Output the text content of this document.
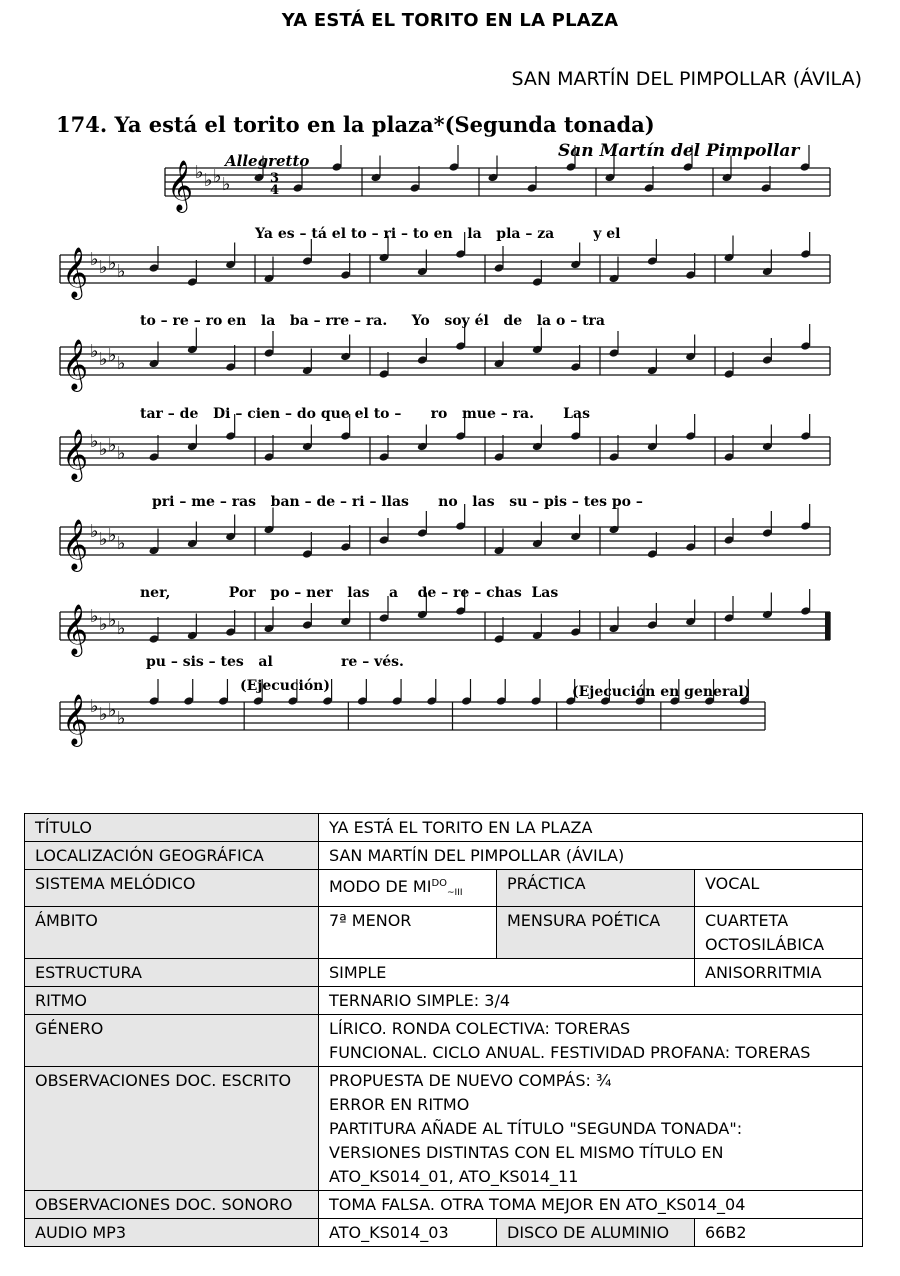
YA ESTÁ EL TORITO EN LA PLAZA
SAN MARTÍN DEL PIMPOLLAR (ÁVILA)
174. Ya está el torito en la plaza*(Segunda tonada)
San Martín del Pimpollar
Allegretto
𝄞 ♭ ♭ ♭ ♭
𝄞 ♭ ♭ ♭ ♭
𝄞 ♭ ♭ ♭ ♭
𝄞 ♭ ♭ ♭ ♭
𝄞 ♭ ♭ ♭ ♭
𝄞 ♭ ♭ ♭ ♭
𝄞 ♭ ♭ ♭ ♭
3
4
Ya es – tá el to – ri – to en   la   pla – za        y el
to – re – ro en   la   ba – rre – ra.     Yo   soy él   de   la o – tra
tar – de   Di – cien – do que el to –      ro   mue – ra.      Las
pri – me – ras   ban – de – ri – llas      no   las   su – pis – tes po –
ner,            Por   po – ner   las    a    de – re – chas  Las
pu – sis – tes   al              re – vés.
(Ejecución)	(Ejecución en general)
TÍTULO	YA ESTÁ EL TORITO EN LA PLAZA		
LOCALIZACIÓN GEOGRÁFICA	SAN MARTÍN DEL PIMPOLLAR (ÁVILA)		
SISTEMA MELÓDICO	MODO DE $MI^{DO}_{\sim III}$	PRÁCTICA	VOCAL
ÁMBITO	7ª MENOR	MENSURA POÉTICA	CUARTETA
OCTOSILÁBICA

ESTRUCTURA	SIMPLE		ANISORRITMIA
RITMO	TERNARIO SIMPLE: 3/4		
GÉNERO	LÍRICO. RONDA COLECTIVA: TORERAS
FUNCIONAL. CICLO ANUAL. FESTIVIDAD PROFANA: TORERAS		

OBSERVACIONES DOC. ESCRITO	PROPUESTA DE NUEVO COMPÁS: ¾
ERROR EN RITMO
PARTITURA AÑADE AL TÍTULO "SEGUNDA TONADA":
VERSIONES DISTINTAS CON EL MISMO TÍTULO EN
ATO_KS014_01, ATO_KS014_11		

OBSERVACIONES DOC. SONORO	TOMA FALSA. OTRA TOMA MEJOR EN ATO_KS014_04		
AUDIO MP3	ATO_KS014_03	DISCO DE ALUMINIO	66B2
